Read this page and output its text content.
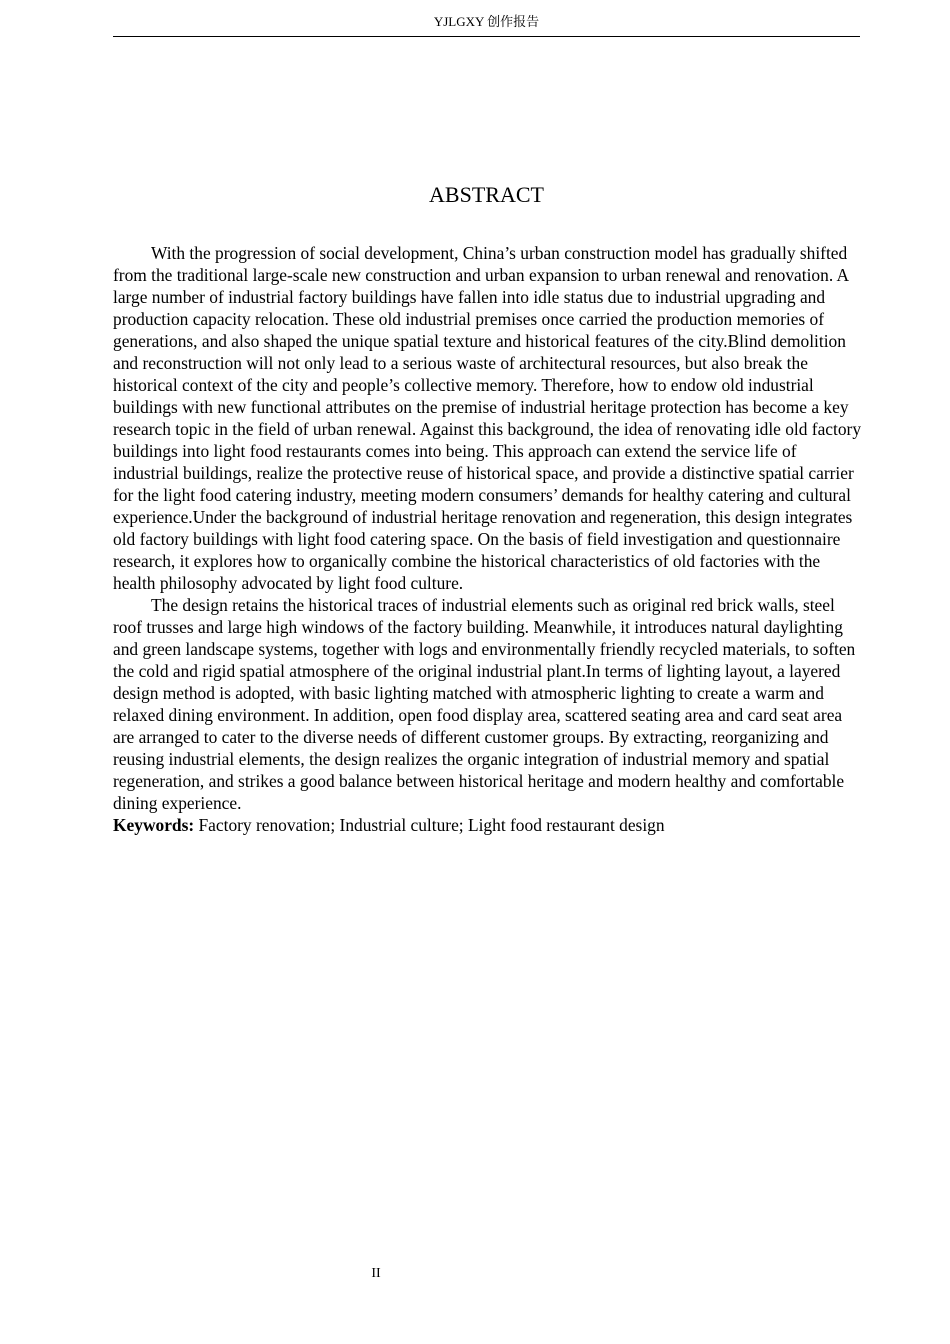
YJLGXY 创作报告
ABSTRACT

With the progression of social development, China’s urban construction model has gradually shifted from the traditional large-scale new construction and urban expansion to urban renewal and renovation. A large number of industrial factory buildings have fallen into idle status due to industrial upgrading and production capacity relocation. These old industrial premises once carried the production memories of generations, and also shaped the unique spatial texture and historical features of the city.Blind demolition and reconstruction will not only lead to a serious waste of architectural resources, but also break the historical context of the city and people’s collective memory. Therefore, how to endow old industrial buildings with new functional attributes on the premise of industrial heritage protection has become a key research topic in the field of urban renewal. Against this background, the idea of renovating idle old factory buildings into light food restaurants comes into being. This approach can extend the service life of industrial buildings, realize the protective reuse of historical space, and provide a distinctive spatial carrier for the light food catering industry, meeting modern consumers’ demands for healthy catering and cultural experience.Under the background of industrial heritage renovation and regeneration, this design integrates old factory buildings with light food catering space. On the basis of field investigation and questionnaire research, it explores how to organically combine the historical characteristics of old factories with the health philosophy advocated by light food culture.

The design retains the historical traces of industrial elements such as original red brick walls, steel roof trusses and large high windows of the factory building. Meanwhile, it introduces natural daylighting and green landscape systems, together with logs and environmentally friendly recycled materials, to soften the cold and rigid spatial atmosphere of the original industrial plant.In terms of lighting layout, a layered design method is adopted, with basic lighting matched with atmospheric lighting to create a warm and relaxed dining environment. In addition, open food display area, scattered seating area and card seat area are arranged to cater to the diverse needs of different customer groups. By extracting, reorganizing and reusing industrial elements, the design realizes the organic integration of industrial memory and spatial regeneration, and strikes a good balance between historical heritage and modern healthy and comfortable dining experience.

Keywords: Factory renovation; Industrial culture; Light food restaurant design
II
